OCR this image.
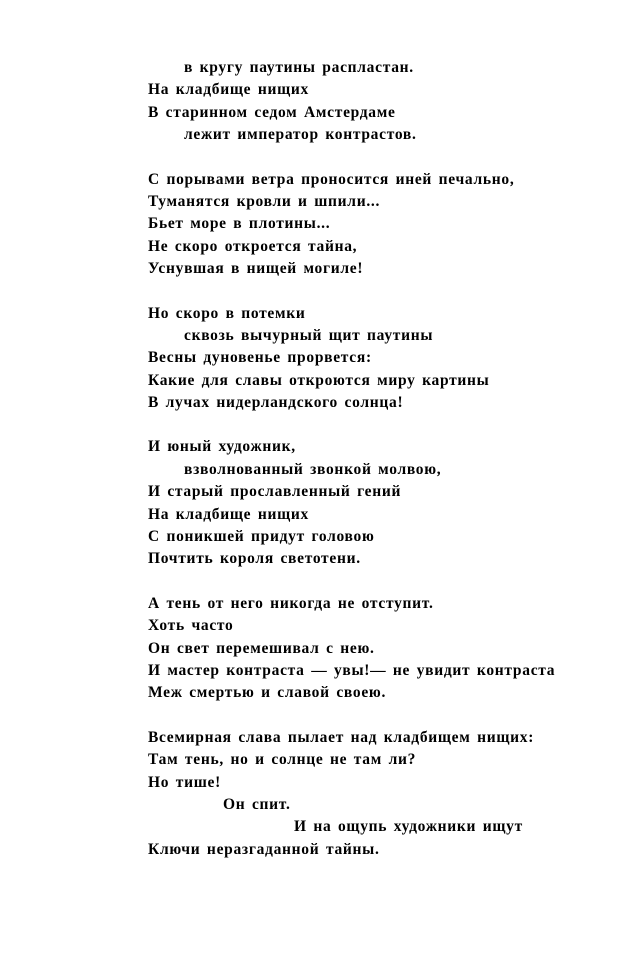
в кругу паутины распластан.
На кладбище нищих
В старинном седом Амстердаме
лежит император контрастов.
С порывами ветра проносится иней печально,
Туманятся кровли и шпили...
Бьет море в плотины...
Не скоро откроется тайна,
Уснувшая в нищей могиле!
Но скоро в потемки
сквозь вычурный щит паутины
Весны дуновенье прорвется:
Какие для славы откроются миру картины
В лучах нидерландского солнца!
И юный художник,
взволнованный звонкой молвою,
И старый прославленный гений
На кладбище нищих
С поникшей придут головою
Почтить короля светотени.
А тень от него никогда не отступит.
Хоть часто
Он свет перемешивал с нею.
И мастер контраста — увы!— не увидит контраста
Меж смертью и славой своею.
Всемирная слава пылает над кладбищем нищих:
Там тень, но и солнце не там ли?
Но тише!
Он спит.
И на ощупь художники ищут
Ключи неразгаданной тайны.
